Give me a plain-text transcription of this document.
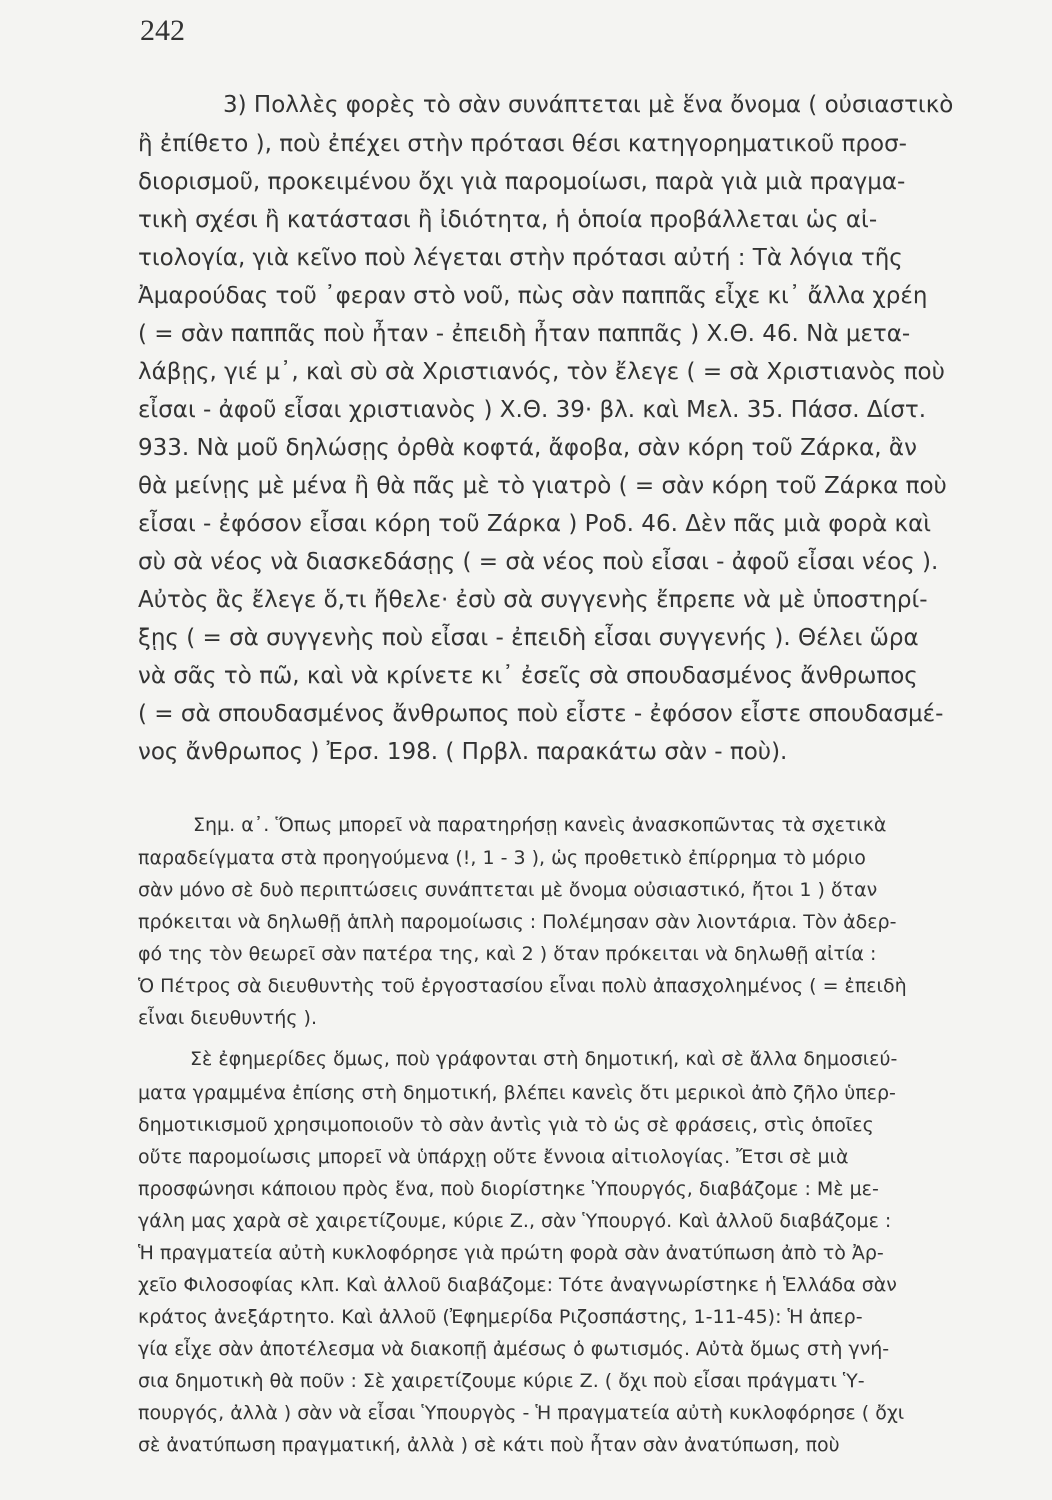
242
3) Πολλὲς φορὲς τὸ σὰν συνάπτεται μὲ ἕνα ὄνομα ( οὐσιαστικὸ
ἢ ἐπίθετο ), ποὺ ἐπέχει στὴν πρότασι θέσι κατηγορηματικοῦ προσ-
διορισμοῦ, προκειμένου ὄχι γιὰ παρομοίωσι, παρὰ γιὰ μιὰ πραγμα-
τικὴ σχέσι ἢ κατάστασι ἢ ἰδιότητα, ἡ ὁποία προβάλλεται ὡς αἰ-
τιολογία, γιὰ κεῖνο ποὺ λέγεται στὴν πρότασι αὐτή : Τὰ λόγια τῆς
Ἀμαρούδας τοῦ ᾽φεραν στὸ νοῦ, πὼς σὰν παππᾶς εἶχε κι᾽ ἄλλα χρέη
( = σὰν παππᾶς ποὺ ἦταν - ἐπειδὴ ἦταν παππᾶς ) Χ.Θ. 46. Νὰ μετα-
λάβῃς, γιέ μ᾽, καὶ σὺ σὰ Χριστιανός, τὸν ἔλεγε ( = σὰ Χριστιανὸς ποὺ
εἶσαι - ἀφοῦ εἶσαι χριστιανὸς ) Χ.Θ. 39· βλ. καὶ Μελ. 35. Πάσσ. Δίστ.
933. Νὰ μοῦ δηλώσῃς ὀρθὰ κοφτά, ἄφοβα, σὰν κόρη τοῦ Ζάρκα, ἂν
θὰ μείνῃς μὲ μένα ἢ θὰ πᾶς μὲ τὸ γιατρὸ ( = σὰν κόρη τοῦ Ζάρκα ποὺ
εἶσαι - ἐφόσον εἶσαι κόρη τοῦ Ζάρκα ) Ροδ. 46. Δὲν πᾶς μιὰ φορὰ καὶ
σὺ σὰ νέος νὰ διασκεδάσῃς ( = σὰ νέος ποὺ εἶσαι - ἀφοῦ εἶσαι νέος ).
Αὐτὸς ἂς ἔλεγε ὅ,τι ἤθελε· ἐσὺ σὰ συγγενὴς ἔπρεπε νὰ μὲ ὑποστηρί-
ξῃς ( = σὰ συγγενὴς ποὺ εἶσαι - ἐπειδὴ εἶσαι συγγενής ). Θέλει ὥρα
νὰ σᾶς τὸ πῶ, καὶ νὰ κρίνετε κι᾽ ἐσεῖς σὰ σπουδασμένος ἄνθρωπος
( = σὰ σπουδασμένος ἄνθρωπος ποὺ εἶστε - ἐφόσον εἶστε σπουδασμέ-
νος ἄνθρωπος ) Ἐρσ. 198. ( Πρβλ. παρακάτω σὰν - ποὺ).
Σημ. α᾽. Ὅπως μπορεῖ νὰ παρατηρήσῃ κανεὶς ἀνασκοπῶντας τὰ σχετικὰ
παραδείγματα στὰ προηγούμενα (!, 1 - 3 ), ὡς προθετικὸ ἐπίρρημα τὸ μόριο
σὰν μόνο σὲ δυὸ περιπτώσεις συνάπτεται μὲ ὄνομα οὐσιαστικό, ἤτοι 1 ) ὅταν
πρόκειται νὰ δηλωθῇ ἁπλὴ παρομοίωσις : Πολέμησαν σὰν λιοντάρια. Τὸν ἀδερ-
φό της τὸν θεωρεῖ σὰν πατέρα της, καὶ 2 ) ὅταν πρόκειται νὰ δηλωθῇ αἰτία :
Ὁ Πέτρος σὰ διευθυντὴς τοῦ ἐργοστασίου εἶναι πολὺ ἀπασχολημένος ( = ἐπειδὴ
εἶναι διευθυντής ).
Σὲ ἐφημερίδες ὅμως, ποὺ γράφονται στὴ δημοτική, καὶ σὲ ἄλλα δημοσιεύ-
ματα γραμμένα ἐπίσης στὴ δημοτική, βλέπει κανεὶς ὅτι μερικοὶ ἀπὸ ζῆλο ὑπερ-
δημοτικισμοῦ χρησιμοποιοῦν τὸ σὰν ἀντὶς γιὰ τὸ ὡς σὲ φράσεις, στὶς ὁποῖες
οὔτε παρομοίωσις μπορεῖ νὰ ὑπάρχῃ οὔτε ἔννοια αἰτιολογίας. Ἔτσι σὲ μιὰ
προσφώνησι κάποιου πρὸς ἕνα, ποὺ διορίστηκε Ὑπουργός, διαβάζομε : Μὲ με-
γάλη μας χαρὰ σὲ χαιρετίζουμε, κύριε Ζ., σὰν Ὑπουργό. Καὶ ἀλλοῦ διαβάζομε :
Ἡ πραγματεία αὐτὴ κυκλοφόρησε γιὰ πρώτη φορὰ σὰν ἀνατύπωση ἀπὸ τὸ Ἀρ-
χεῖο Φιλοσοφίας κλπ. Καὶ ἀλλοῦ διαβάζομε: Τότε ἀναγνωρίστηκε ἡ Ἑλλάδα σὰν
κράτος ἀνεξάρτητο. Καὶ ἀλλοῦ (Ἐφημερίδα Ριζοσπάστης, 1-11-45): Ἡ ἀπερ-
γία εἶχε σὰν ἀποτέλεσμα νὰ διακοπῇ ἀμέσως ὁ φωτισμός. Αὐτὰ ὅμως στὴ γνή-
σια δημοτικὴ θὰ ποῦν : Σὲ χαιρετίζουμε κύριε Ζ. ( ὄχι ποὺ εἶσαι πράγματι Ὑ-
πουργός, ἀλλὰ ) σὰν νὰ εἶσαι Ὑπουργὸς - Ἡ πραγματεία αὐτὴ κυκλοφόρησε ( ὄχι
σὲ ἀνατύπωση πραγματική, ἀλλὰ ) σὲ κάτι ποὺ ἦταν σὰν ἀνατύπωση, ποὺ
